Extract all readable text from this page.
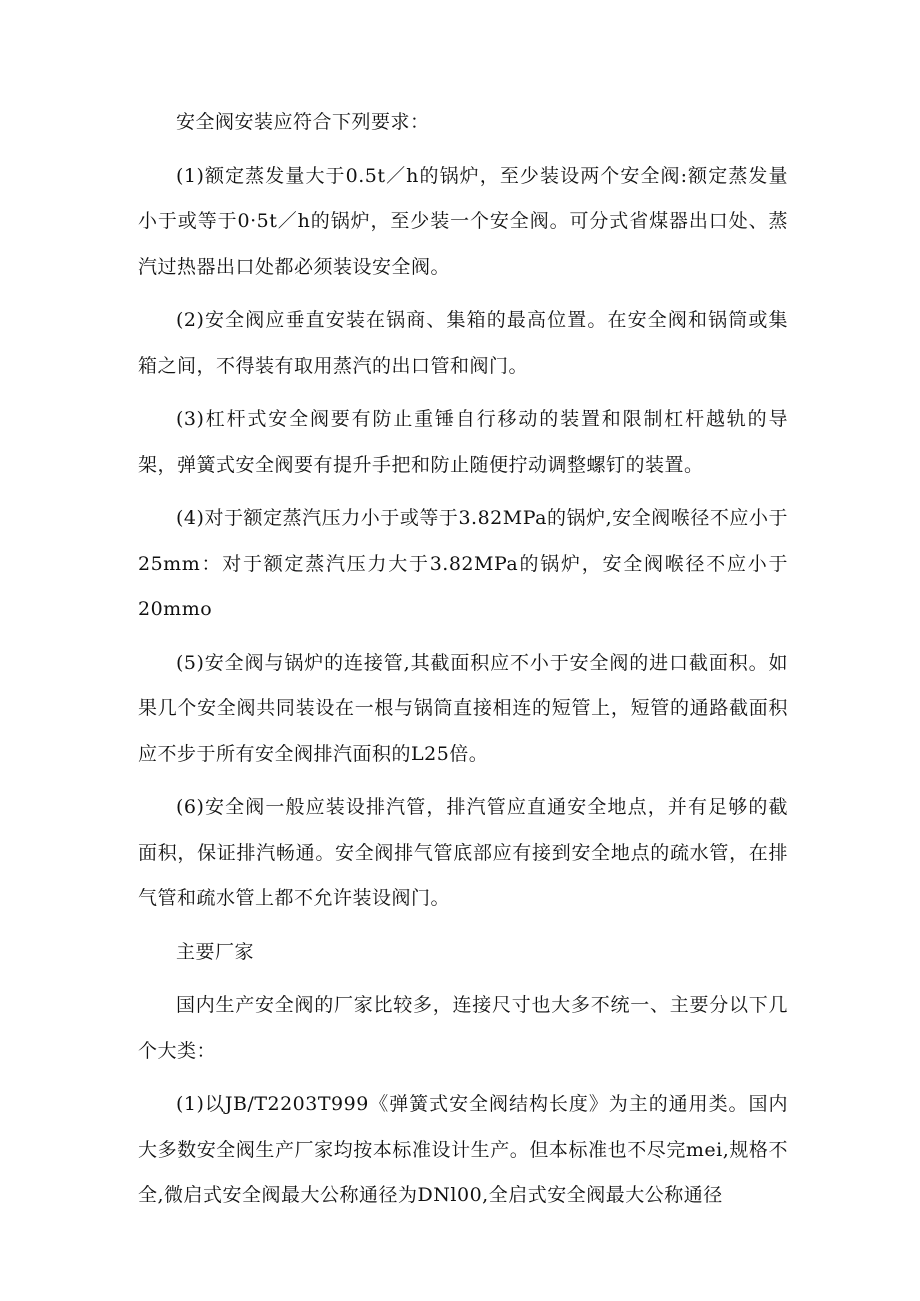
安全阀安装应符合下列要求：

(1)额定蒸发量大于0.5t／h的锅炉，至少装设两个安全阀:额定蒸发量小于或等于0·5t／h的锅炉，至少装一个安全阀。可分式省煤器出口处、蒸汽过热器出口处都必须装设安全阀。

(2)安全阀应垂直安装在锅商、集箱的最高位置。在安全阀和锅筒或集箱之间，不得装有取用蒸汽的出口管和阀门。

(3)杠杆式安全阀要有防止重锤自行移动的装置和限制杠杆越轨的导架，弹簧式安全阀要有提升手把和防止随便拧动调整螺钉的装置。

(4)对于额定蒸汽压力小于或等于3.82MPa的锅炉,安全阀喉径不应小于25mm：对于额定蒸汽压力大于3.82MPa的锅炉，安全阀喉径不应小于20mmo

(5)安全阀与锅炉的连接管,其截面积应不小于安全阀的进口截面积。如果几个安全阀共同装设在一根与锅筒直接相连的短管上，短管的通路截面积应不步于所有安全阀排汽面积的L25倍。

(6)安全阀一般应装设排汽管，排汽管应直通安全地点，并有足够的截面积，保证排汽畅通。安全阀排气管底部应有接到安全地点的疏水管，在排气管和疏水管上都不允许装设阀门。

主要厂家

国内生产安全阀的厂家比较多，连接尺寸也大多不统一、主要分以下几个大类：

(1)以JB/T2203T999《弹簧式安全阀结构长度》为主的通用类。国内大多数安全阀生产厂家均按本标准设计生产。但本标准也不尽完mei,规格不全,微启式安全阀最大公称通径为DNl00,全启式安全阀最大公称通径
